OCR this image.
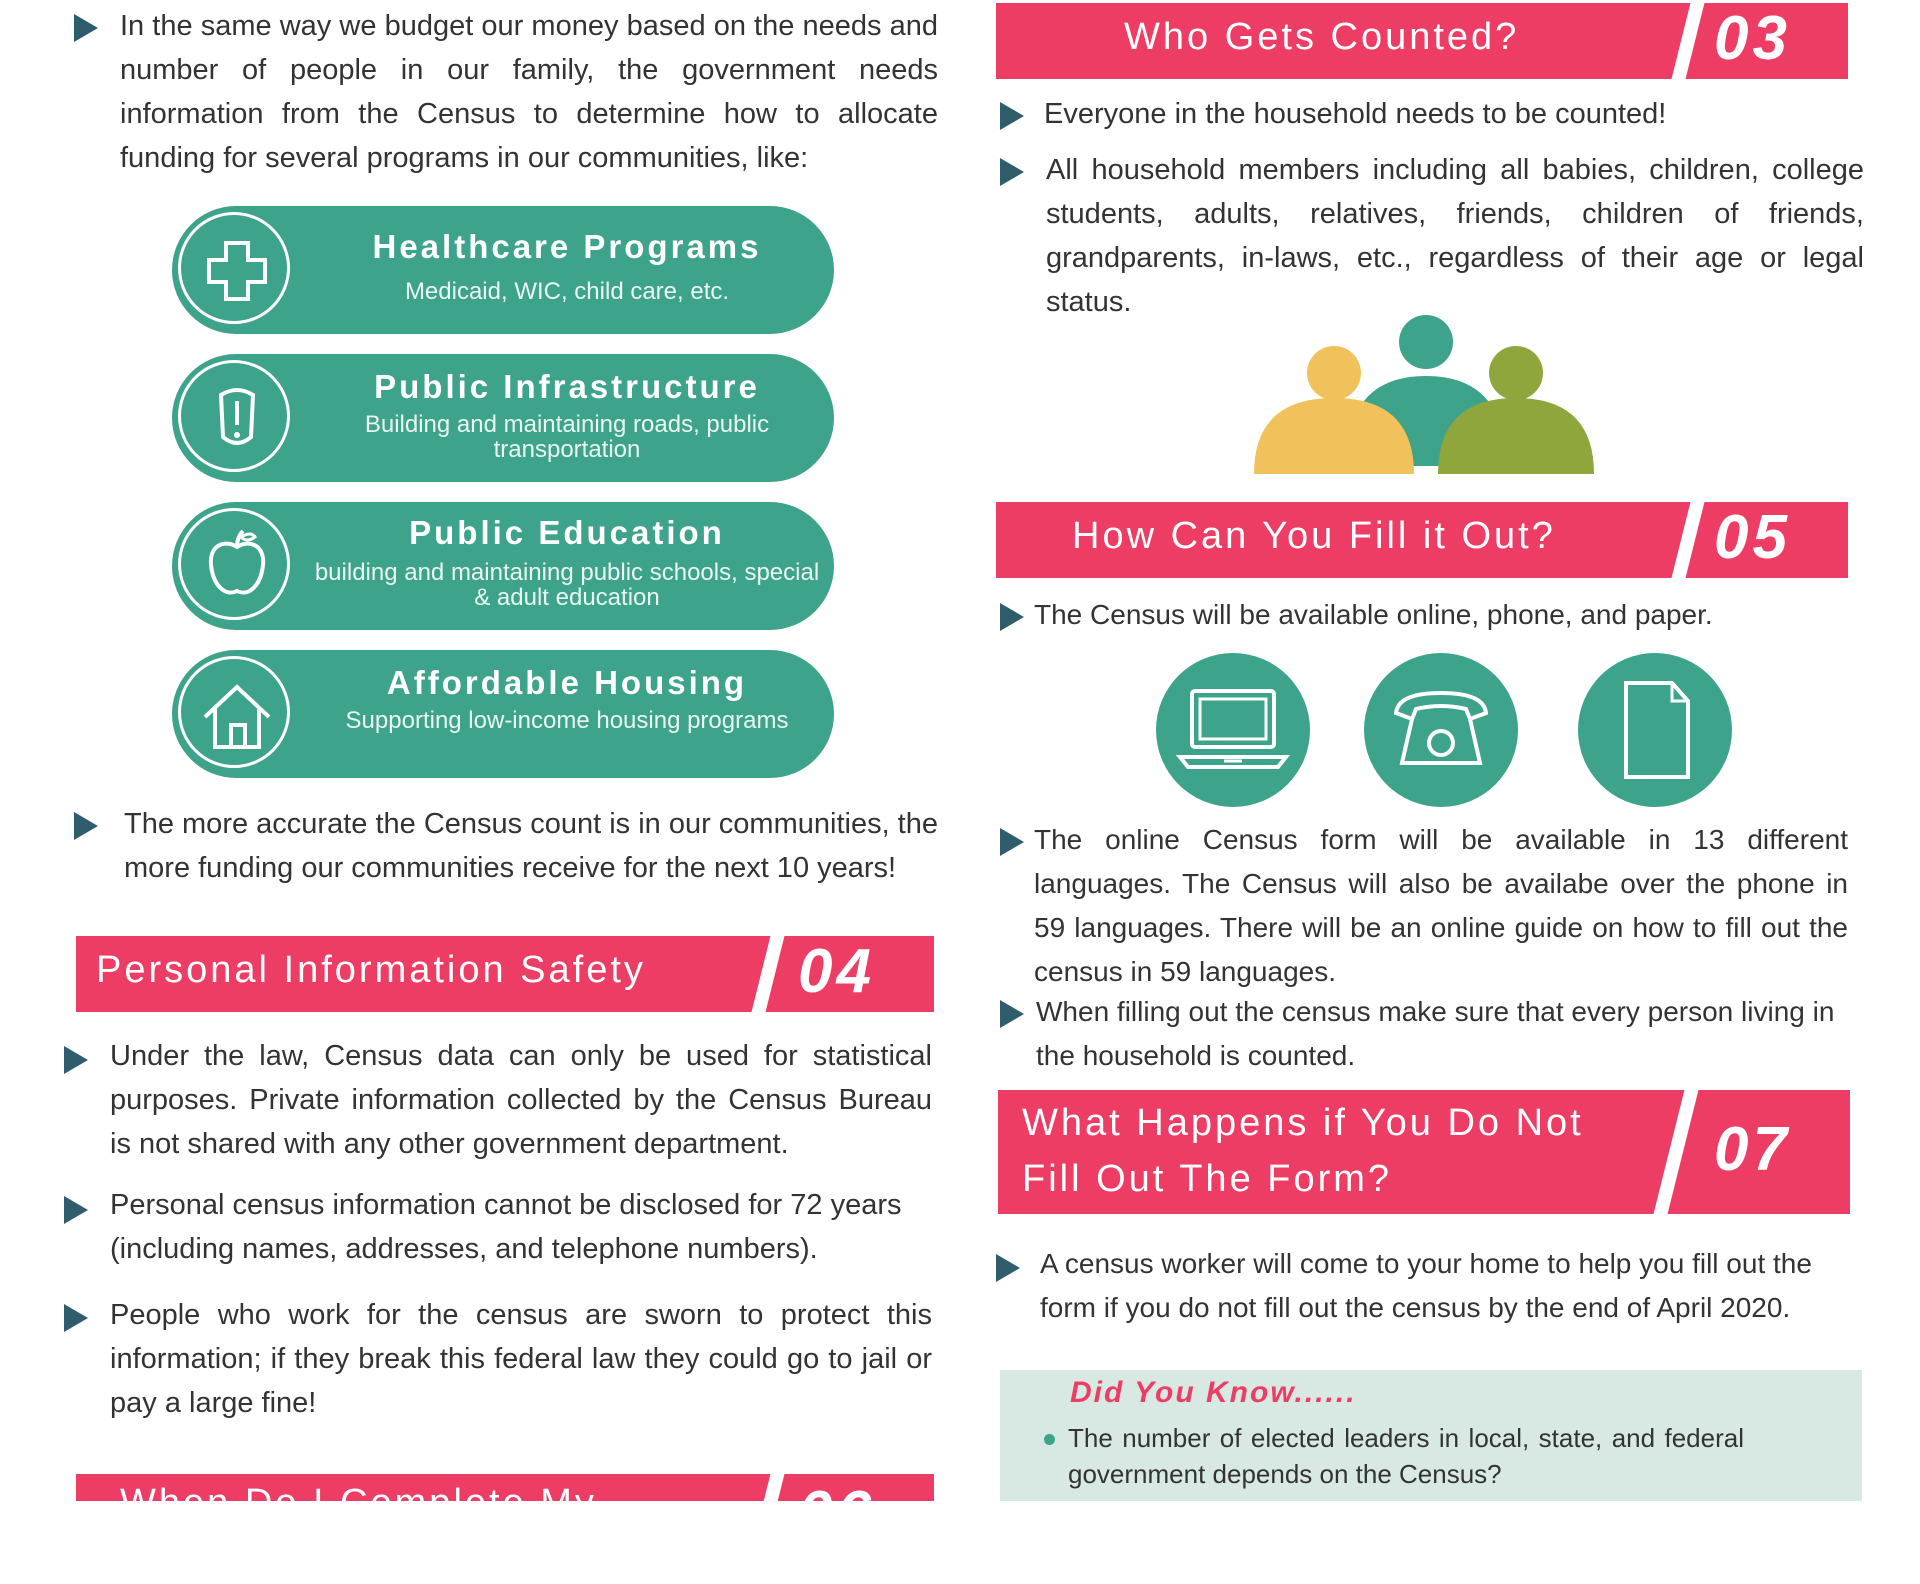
In the same way we budget our money based on the needs and number of people in our family, the government needs information from the Census to determine how to allocate funding for several programs in our communities, like:
Healthcare Programs
Medicaid, WIC, child care, etc.
Public Infrastructure
Building and maintaining roads, public transportation
Public Education
building and maintaining public schools, special & adult education
Affordable Housing
Supporting low-income housing programs
The more accurate the Census count is in our communities, the more funding our communities receive for the next 10 years!
Personal Information Safety 04
Under the law, Census data can only be used for statistical purposes. Private information collected by the Census Bureau is not shared with any other government department.
Personal census information cannot be disclosed for 72 years (including names, addresses, and telephone numbers).
People who work for the census are sworn to protect this information; if they break this federal law they could go to jail or pay a large fine!
When Do I Complete My	06
Who Gets Counted?	03
Everyone in the household needs to be counted!
All household members including all babies, children, college students, adults, relatives, friends, children of friends, grandparents, in-laws, etc., regardless of their age or legal status.
How Can You Fill it Out?	05
The Census will be available online, phone, and paper.
The online Census form will be available in 13 different languages. The Census will also be availabe over the phone in 59 languages. There will be an online guide on how to fill out the census in 59 languages.
When filling out the census make sure that every person living in the household is counted.
What Happens if You Do Not
Fill Out The Form?	07
A census worker will come to your home to help you fill out the form if you do not fill out the census by the end of April 2020.
Did You Know......
The number of elected leaders in local, state, and federal government depends on the Census?
